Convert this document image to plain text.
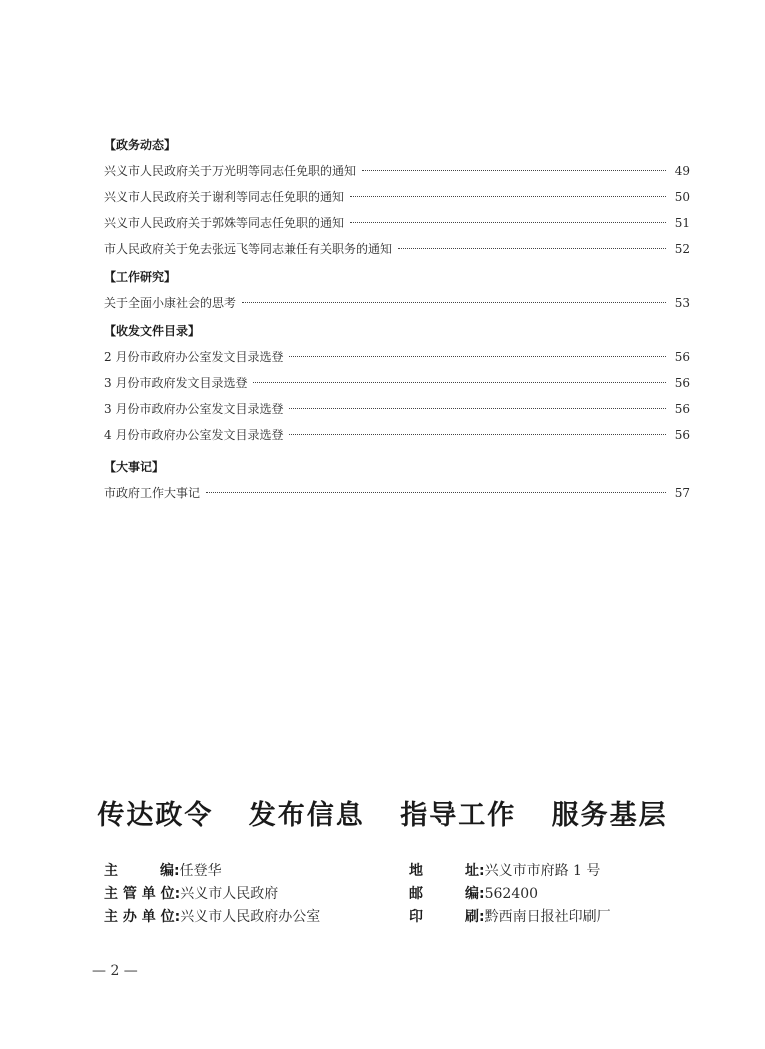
【政务动态】
兴义市人民政府关于万光明等同志任免职的通知	49
兴义市人民政府关于谢利等同志任免职的通知	50
兴义市人民政府关于郭姝等同志任免职的通知	51
市人民政府关于免去张远飞等同志兼任有关职务的通知	52
【工作研究】
关于全面小康社会的思考	53
【收发文件目录】
2 月份市政府办公室发文目录选登	56
3 月份市政府发文目录选登	56
3 月份市政府办公室发文目录选登	56
4 月份市政府办公室发文目录选登	56
【大事记】
市政府工作大事记	57
传达政令 发布信息 指导工作 服务基层
主　　　编: 任登华	地　　　址: 兴义市市府路 1 号
主 管 单 位: 兴义市人民政府	邮　　　编: 562400
主 办 单 位: 兴义市人民政府办公室	印　　　刷: 黔西南日报社印刷厂
— 2 —
